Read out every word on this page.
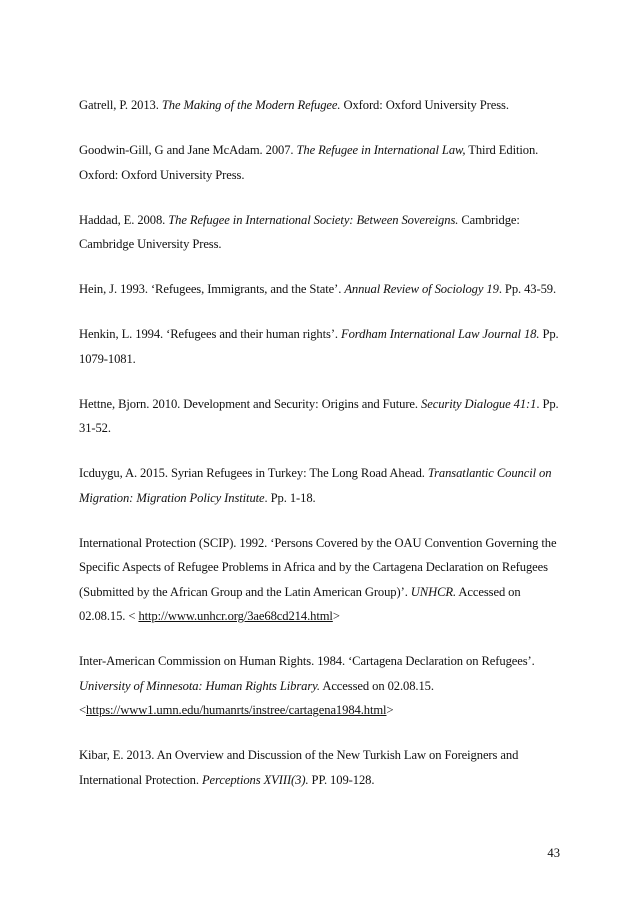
Gatrell, P. 2013. The Making of the Modern Refugee. Oxford: Oxford University Press.

Goodwin-Gill, G and Jane McAdam. 2007. The Refugee in International Law, Third Edition. Oxford: Oxford University Press.

Haddad, E. 2008. The Refugee in International Society: Between Sovereigns. Cambridge: Cambridge University Press.

Hein, J. 1993. ‘Refugees, Immigrants, and the State’. Annual Review of Sociology 19. Pp. 43-59.

Henkin, L. 1994. ‘Refugees and their human rights’. Fordham International Law Journal 18. Pp. 1079-1081.

Hettne, Bjorn. 2010. Development and Security: Origins and Future. Security Dialogue 41:1. Pp. 31-52.

Icduygu, A. 2015. Syrian Refugees in Turkey: The Long Road Ahead. Transatlantic Council on Migration: Migration Policy Institute. Pp. 1-18.

International Protection (SCIP). 1992. ‘Persons Covered by the OAU Convention Governing the Specific Aspects of Refugee Problems in Africa and by the Cartagena Declaration on Refugees (Submitted by the African Group and the Latin American Group)’. UNHCR. Accessed on 02.08.15. < http://www.unhcr.org/3ae68cd214.html>

Inter-American Commission on Human Rights. 1984. ‘Cartagena Declaration on Refugees’. University of Minnesota: Human Rights Library. Accessed on 02.08.15. <https://www1.umn.edu/humanrts/instree/cartagena1984.html>

Kibar, E. 2013. An Overview and Discussion of the New Turkish Law on Foreigners and International Protection. Perceptions XVIII(3). PP. 109-128.

43
